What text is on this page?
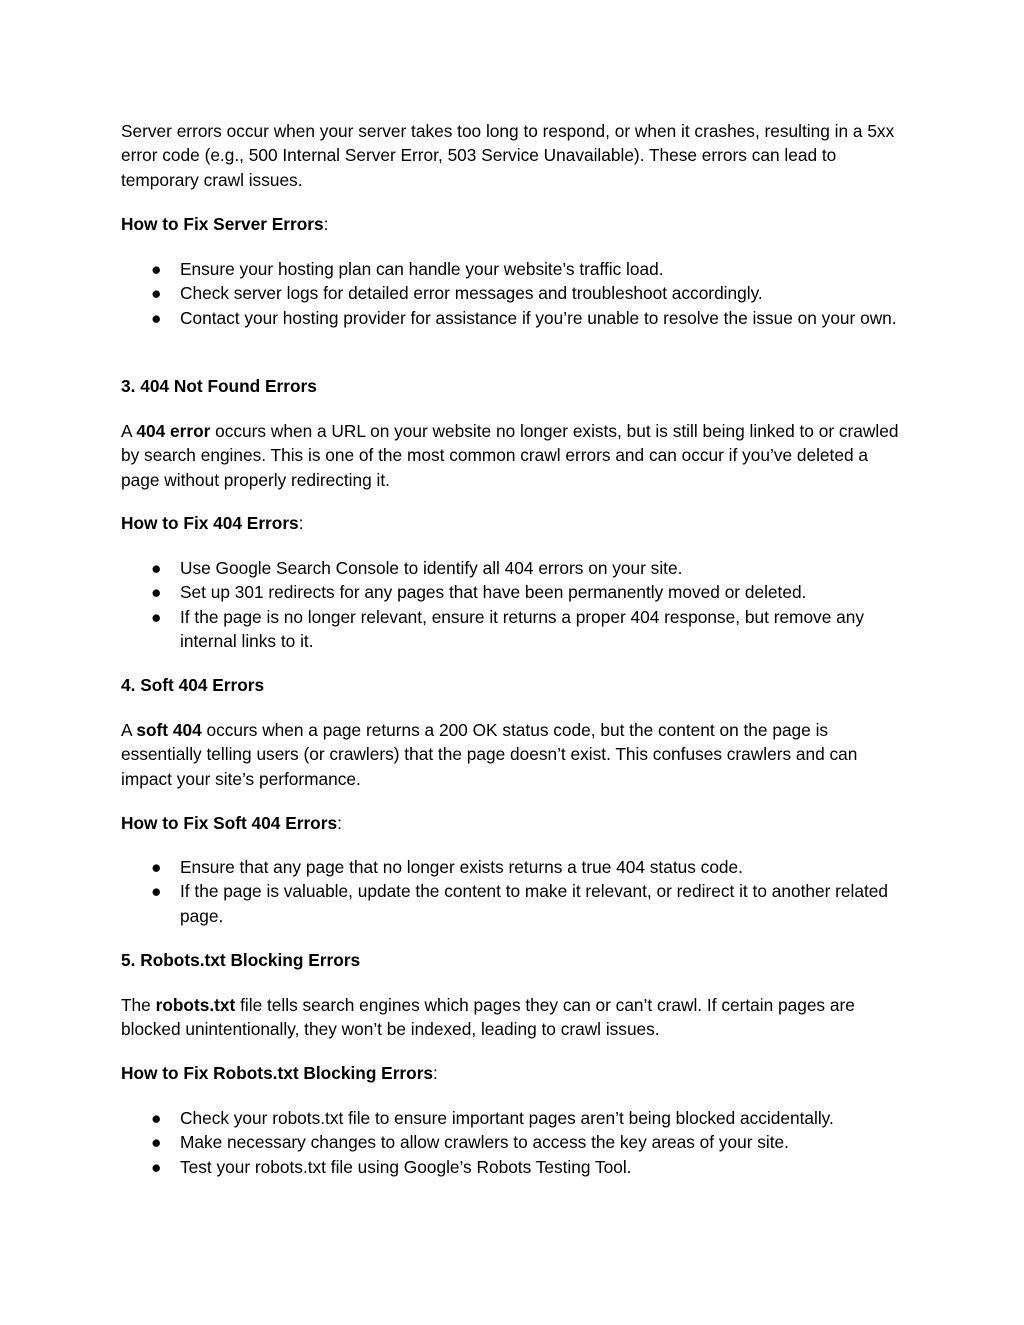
Server errors occur when your server takes too long to respond, or when it crashes, resulting in a 5xx error code (e.g., 500 Internal Server Error, 503 Service Unavailable). These errors can lead to temporary crawl issues.

How to Fix Server Errors:

● Ensure your hosting plan can handle your website’s traffic load.
● Check server logs for detailed error messages and troubleshoot accordingly.
● Contact your hosting provider for assistance if you’re unable to resolve the issue on your own.

3. 404 Not Found Errors

A 404 error occurs when a URL on your website no longer exists, but is still being linked to or crawled by search engines. This is one of the most common crawl errors and can occur if you’ve deleted a page without properly redirecting it.

How to Fix 404 Errors:

● Use Google Search Console to identify all 404 errors on your site.
● Set up 301 redirects for any pages that have been permanently moved or deleted.
● If the page is no longer relevant, ensure it returns a proper 404 response, but remove any internal links to it.

4. Soft 404 Errors

A soft 404 occurs when a page returns a 200 OK status code, but the content on the page is essentially telling users (or crawlers) that the page doesn’t exist. This confuses crawlers and can impact your site’s performance.

How to Fix Soft 404 Errors:

● Ensure that any page that no longer exists returns a true 404 status code.
● If the page is valuable, update the content to make it relevant, or redirect it to another related page.

5. Robots.txt Blocking Errors

The robots.txt file tells search engines which pages they can or can’t crawl. If certain pages are blocked unintentionally, they won’t be indexed, leading to crawl issues.

How to Fix Robots.txt Blocking Errors:

● Check your robots.txt file to ensure important pages aren’t being blocked accidentally.
● Make necessary changes to allow crawlers to access the key areas of your site.
● Test your robots.txt file using Google’s Robots Testing Tool.
